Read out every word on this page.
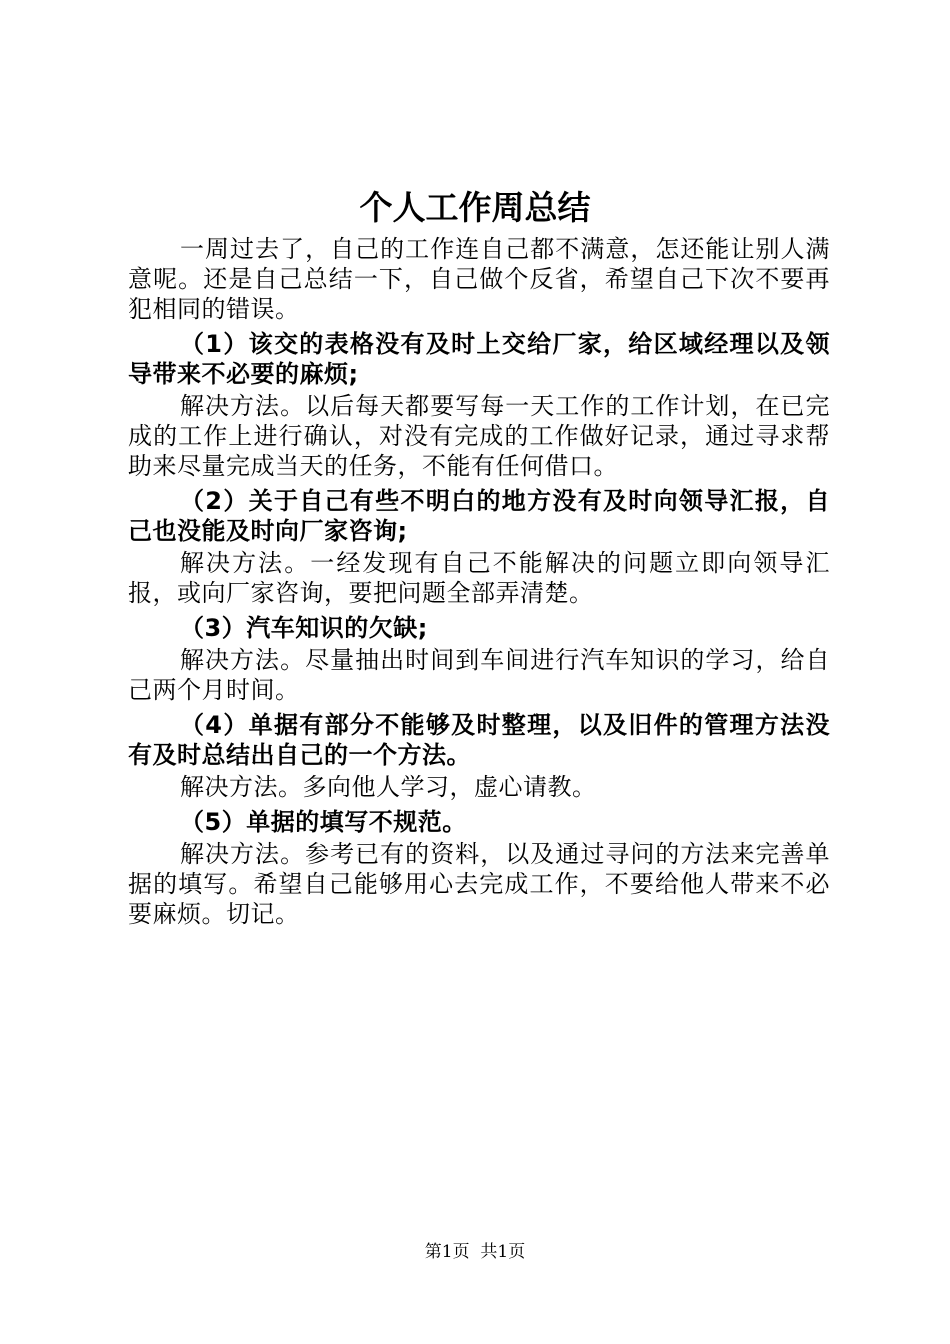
个人工作周总结

一周过去了，自己的工作连自己都不满意，怎还能让别人满意呢。还是自己总结一下，自己做个反省，希望自己下次不要再犯相同的错误。

（1）该交的表格没有及时上交给厂家，给区域经理以及领导带来不必要的麻烦;

解决方法。以后每天都要写每一天工作的工作计划，在已完成的工作上进行确认，对没有完成的工作做好记录，通过寻求帮助来尽量完成当天的任务，不能有任何借口。

（2）关于自己有些不明白的地方没有及时向领导汇报，自己也没能及时向厂家咨询;

解决方法。一经发现有自己不能解决的问题立即向领导汇报，或向厂家咨询，要把问题全部弄清楚。

（3）汽车知识的欠缺;

解决方法。尽量抽出时间到车间进行汽车知识的学习，给自己两个月时间。

（4）单据有部分不能够及时整理，以及旧件的管理方法没有及时总结出自己的一个方法。

解决方法。多向他人学习，虚心请教。

（5）单据的填写不规范。

解决方法。参考已有的资料，以及通过寻问的方法来完善单据的填写。希望自己能够用心去完成工作，不要给他人带来不必要麻烦。切记。

第1页  共1页
